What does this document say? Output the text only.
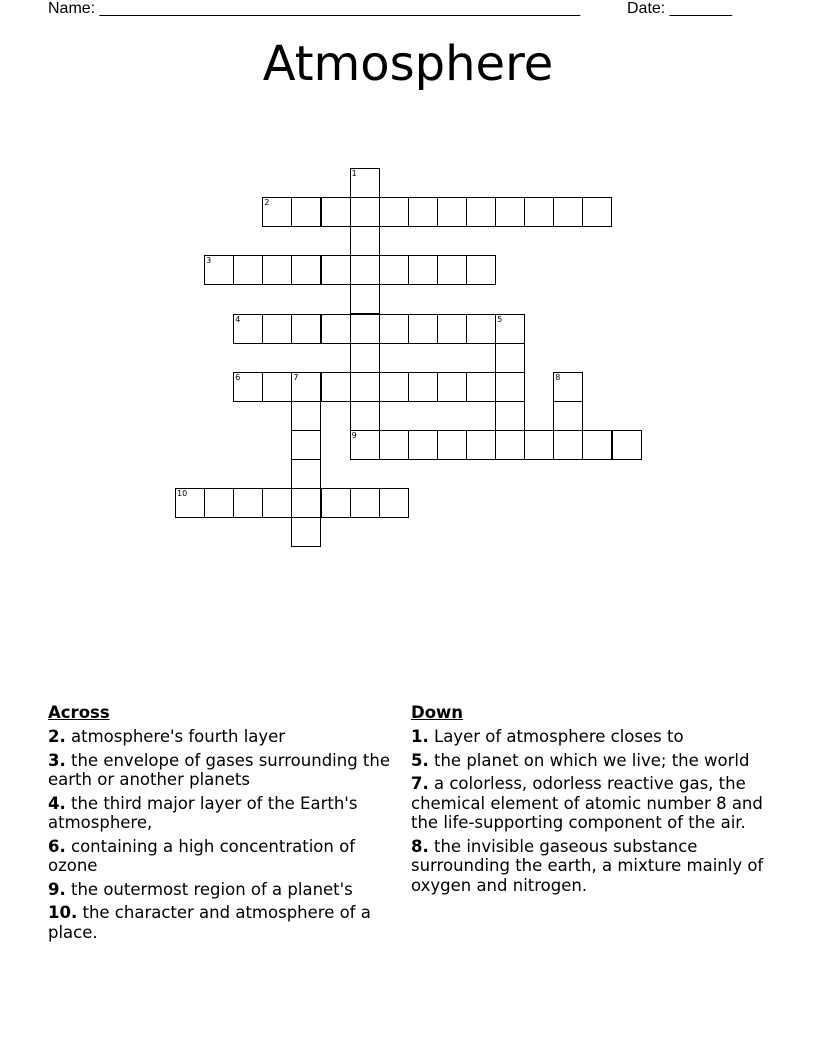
Name: ______________________________________________________	Date: _______
Atmosphere
1
9
2
3
4	5
6	7	8
10
Across
2. atmosphere's fourth layer
3. the envelope of gases surrounding the earth or another planets
4. the third major layer of the Earth's atmosphere,
6. containing a high concentration of ozone
9. the outermost region of a planet's
10. the character and atmosphere of a place.
Down
1. Layer of atmosphere closes to
5. the planet on which we live; the world
7. a colorless, odorless reactive gas, the chemical element of atomic number 8 and the life-supporting component of the air.
8. the invisible gaseous substance surrounding the earth, a mixture mainly of oxygen and nitrogen.
